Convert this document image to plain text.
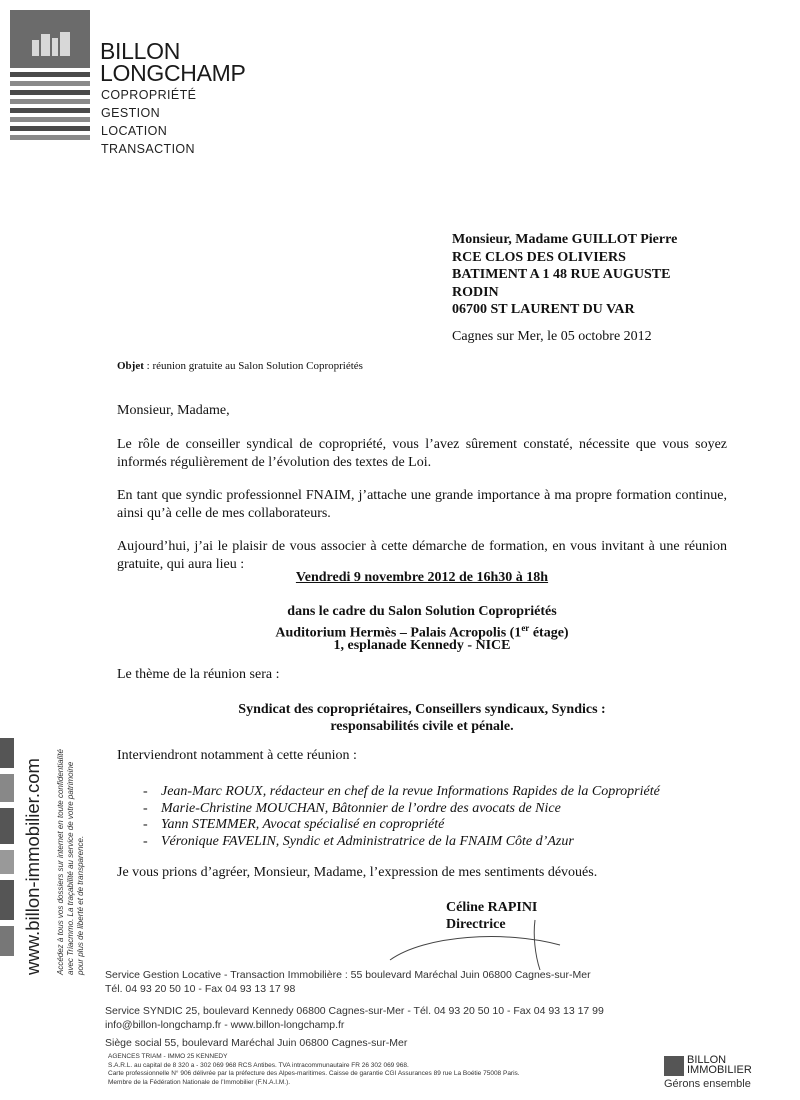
BILLON
LONGCHAMP
COPROPRIÉTÉ
GESTION
LOCATION
TRANSACTION
Monsieur, Madame GUILLOT Pierre
RCE CLOS DES OLIVIERS
BATIMENT A 1 48 RUE AUGUSTE
RODIN
06700 ST LAURENT DU VAR
Cagnes sur Mer, le 05 octobre 2012
Objet : réunion gratuite au Salon Solution Copropriétés
Monsieur, Madame,
Le rôle de conseiller syndical de copropriété, vous l’avez sûrement constaté, nécessite que vous soyez informés régulièrement de l’évolution des textes de Loi.
En tant que syndic professionnel FNAIM, j’attache une grande importance à ma propre formation continue, ainsi qu’à celle de mes collaborateurs.
Aujourd’hui, j’ai le plaisir de vous associer à cette démarche de formation, en vous invitant à une réunion gratuite, qui aura lieu :
Vendredi 9 novembre 2012 de 16h30 à 18h
dans le cadre du Salon Solution Copropriétés
Auditorium Hermès – Palais Acropolis (1er étage)
1, esplanade Kennedy - NICE
Le thème de la réunion sera :
Syndicat des copropriétaires, Conseillers syndicaux, Syndics :
responsabilités civile et pénale.
Interviendront notamment à cette réunion :
- Jean-Marc ROUX, rédacteur en chef de la revue Informations Rapides de la Copropriété
- Marie-Christine MOUCHAN, Bâtonnier de l’ordre des avocats de Nice
- Yann STEMMER, Avocat spécialisé en copropriété
- Véronique FAVELIN, Syndic et Administratrice de la FNAIM Côte d’Azur
Je vous prions d’agréer, Monsieur, Madame, l’expression de mes sentiments dévoués.
Céline RAPINI
Directrice
www.billon-immobilier.com Accédez à tous vos dossiers sur internet en toute confidentialité avec Triacmmo. La traçabilité au service de votre patrimoine pour plus de liberté et de transparence. Service Gestion Locative - Transaction Immobilière : 55 boulevard Maréchal Juin 06800 Cagnes-sur-Mer
Tél. 04 93 20 50 10 - Fax 04 93 13 17 98
Service SYNDIC 25, boulevard Kennedy 06800 Cagnes-sur-Mer - Tél. 04 93 20 50 10 - Fax 04 93 13 17 99
info@billon-longchamp.fr - www.billon-longchamp.fr
Siège social 55, boulevard Maréchal Juin 06800 Cagnes-sur-Mer
AGENCES TRIAM - IMMO 25 KENNEDY
S.A.R.L. au capital de 8 320 a - 302 069 968 RCS Antibes. TVA intracommunautaire FR 26 302 069 968.
Carte professionnelle N° 906 délivrée par la préfecture des Alpes-maritimes. Caisse de garantie CGI Assurances 89 rue La Boétie 75008 Paris.
Membre de la Fédération Nationale de l’Immobilier (F.N.A.I.M.).
BILLON
IMMOBILIER
Gérons ensemble
